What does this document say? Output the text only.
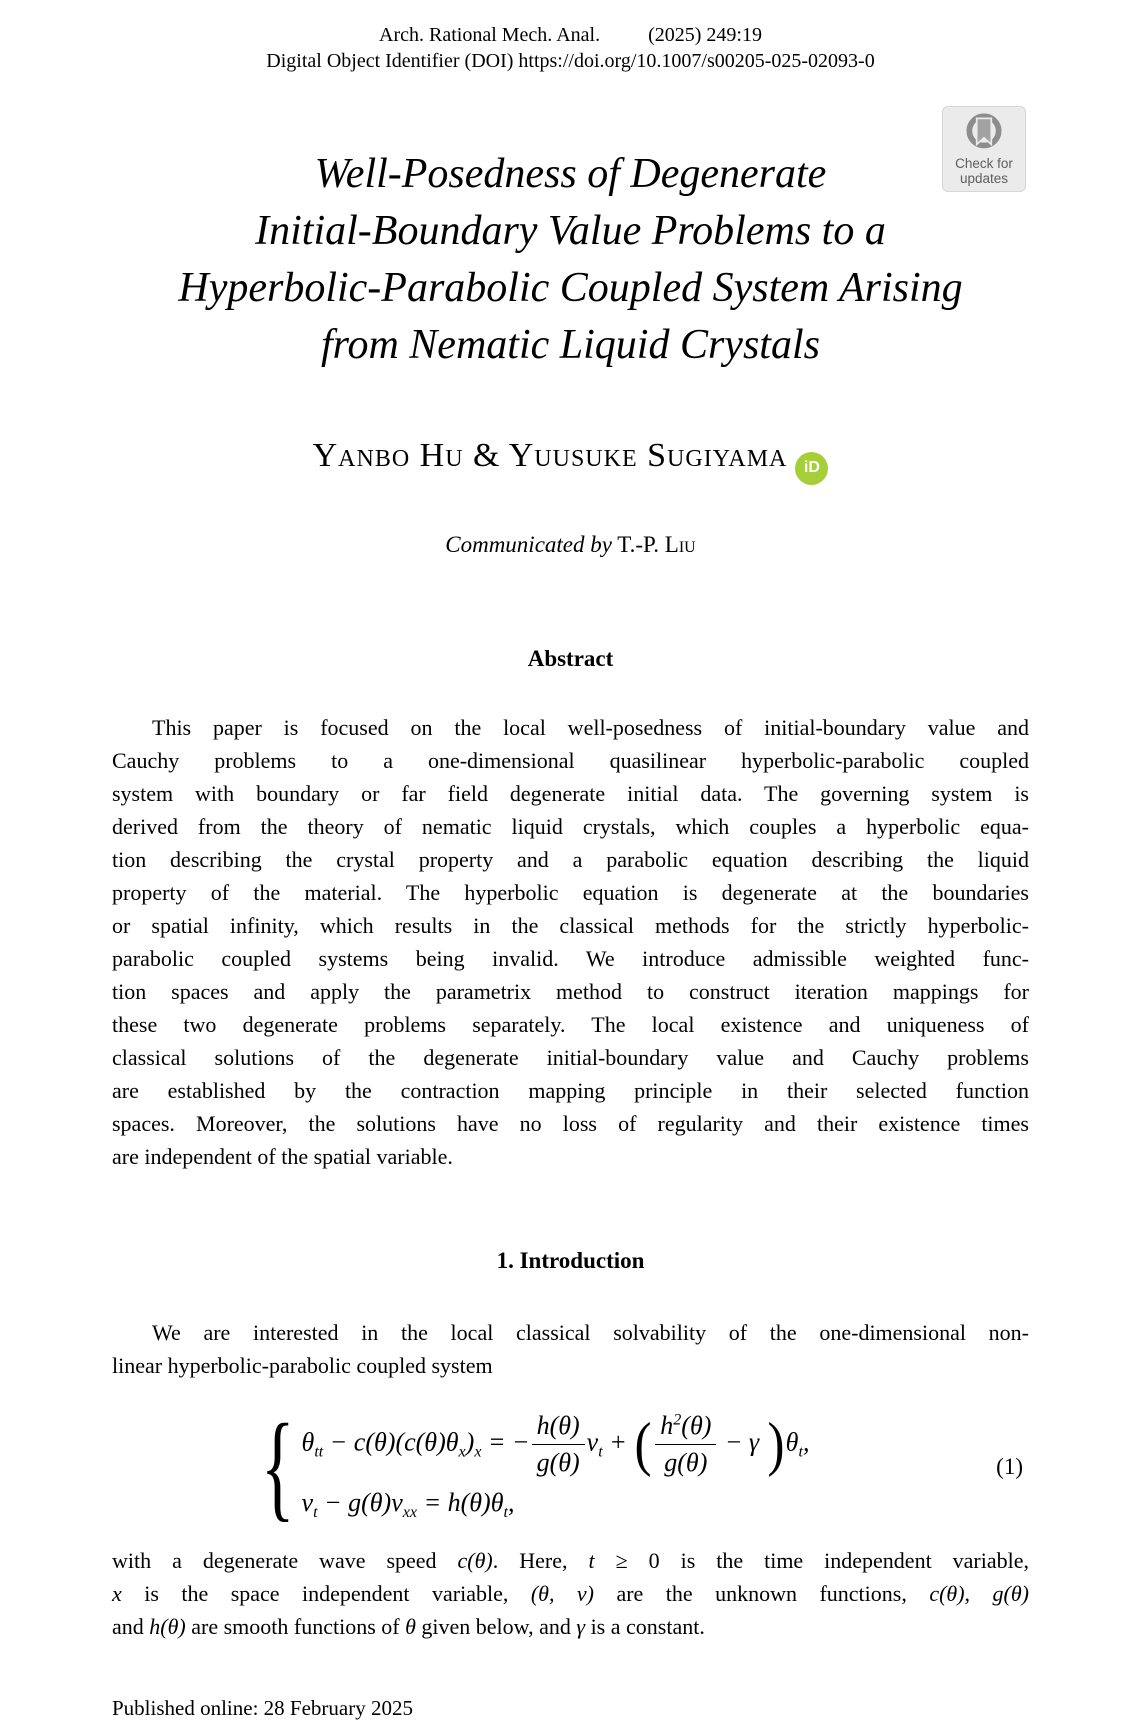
Arch. Rational Mech. Anal. (2025) 249:19
Digital Object Identifier (DOI) https://doi.org/10.1007/s00205-025-02093-0
Check for
updates
Well-Posedness of Degenerate
Initial-Boundary Value Problems to a
Hyperbolic-Parabolic Coupled System Arising
from Nematic Liquid Crystals
Yanbo Hu & Yuusuke Sugiyama iD
Communicated by T.-P. Liu
Abstract
This paper is focused on the local well-posedness of initial-boundary value and
Cauchy problems to a one-dimensional quasilinear hyperbolic-parabolic coupled
system with boundary or far field degenerate initial data. The governing system is
derived from the theory of nematic liquid crystals, which couples a hyperbolic equa-
tion describing the crystal property and a parabolic equation describing the liquid
property of the material. The hyperbolic equation is degenerate at the boundaries
or spatial infinity, which results in the classical methods for the strictly hyperbolic-
parabolic coupled systems being invalid. We introduce admissible weighted func-
tion spaces and apply the parametrix method to construct iteration mappings for
these two degenerate problems separately. The local existence and uniqueness of
classical solutions of the degenerate initial-boundary value and Cauchy problems
are established by the contraction mapping principle in their selected function
spaces. Moreover, the solutions have no loss of regularity and their existence times
are independent of the spatial variable.
1. Introduction
We are interested in the local classical solvability of the one-dimensional non-
linear hyperbolic-parabolic coupled system
{ $\theta_{tt} - c(\theta)(c(\theta)\theta_x)_x$ = − $\frac{h(\theta)}{g(\theta)} v_t$ + ( $\frac{h^2(\theta)}{g(\theta)} - \gamma$ )$\theta_t$,
$v_t - g(\theta)v_{xx} = h(\theta)\theta_t$,
(1)
with a degenerate wave speed c(θ). Here, t ≥ 0 is the time independent variable,
x is the space independent variable, (θ, v) are the unknown functions, c(θ), g(θ)
and h(θ) are smooth functions of θ given below, and γ is a constant.
Published online: 28 February 2025
